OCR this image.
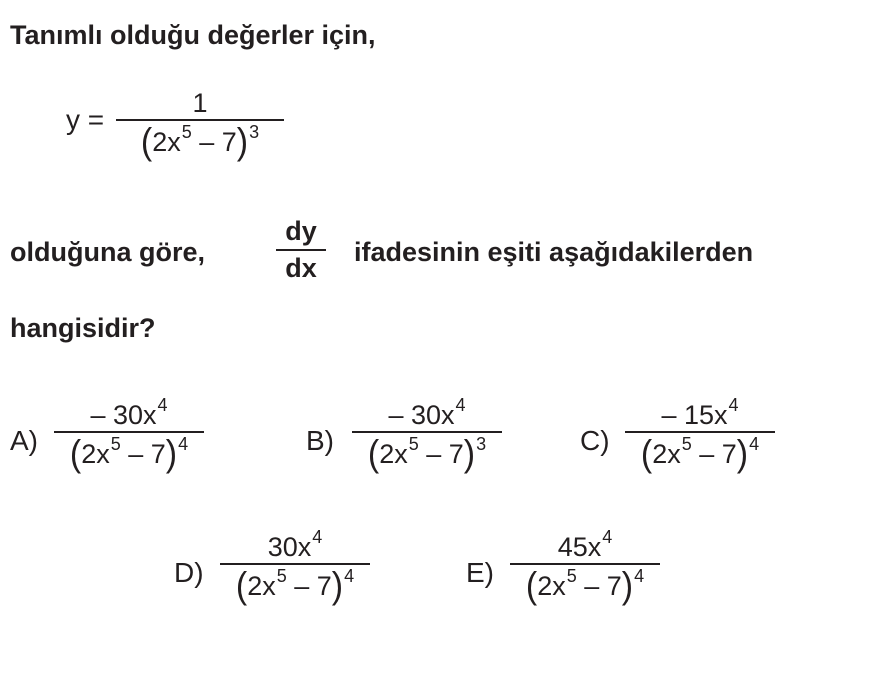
Tanımlı olduğu değerler için,
y =
1
$(2x^5 - 7)^3$
olduğuna göre,
dy
dx
ifadesinin eşiti aşağıdakilerden
hangisidir?
A)
– $30x^4$
$(2x^5 - 7)^4$	B)
– $30x^4$
$(2x^5 - 7)^3$	C)
– $15x^4$
$(2x^5 - 7)^4$
D)
$30x^4$
$(2x^5 - 7)^4$	E)
$45x^4$
$(2x^5 - 7)^4$
